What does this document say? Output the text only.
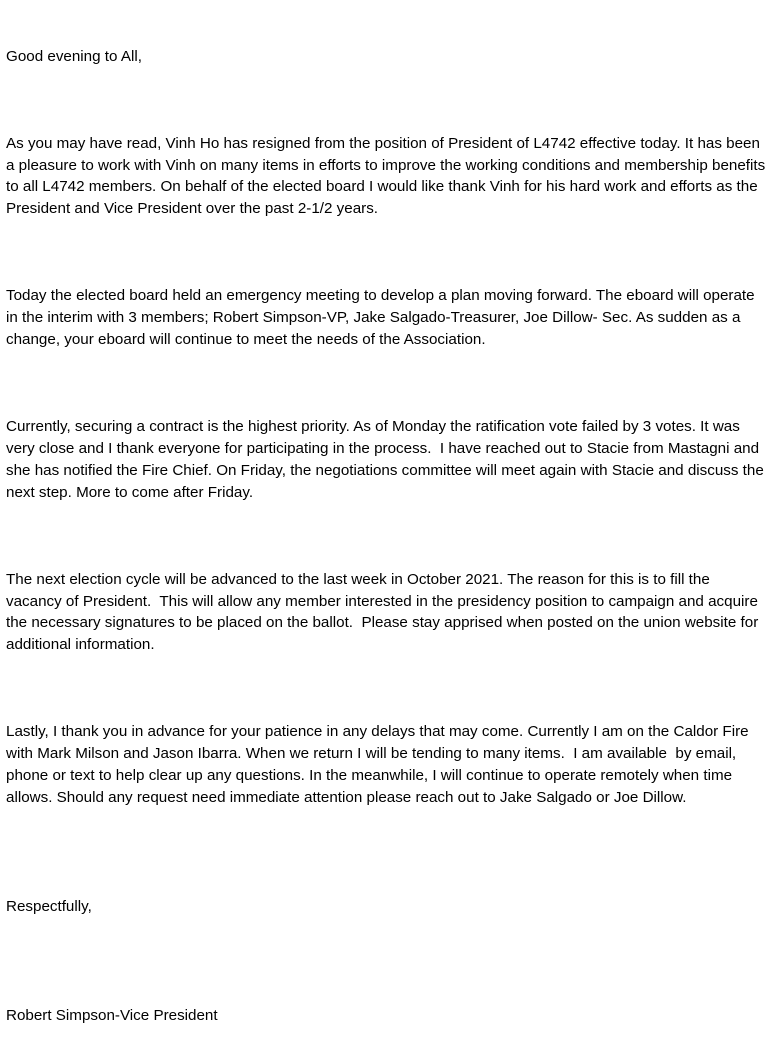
Good evening to All,

As you may have read, Vinh Ho has resigned from the position of President of L4742 effective today. It has been a pleasure to work with Vinh on many items in efforts to improve the working conditions and membership benefits to all L4742 members. On behalf of the elected board I would like thank Vinh for his hard work and efforts as the President and Vice President over the past 2-1/2 years.

Today the elected board held an emergency meeting to develop a plan moving forward. The eboard will operate in the interim with 3 members; Robert Simpson-VP, Jake Salgado-Treasurer, Joe Dillow- Sec. As sudden as a change, your eboard will continue to meet the needs of the Association.

Currently, securing a contract is the highest priority. As of Monday the ratification vote failed by 3 votes. It was very close and I thank everyone for participating in the process.  I have reached out to Stacie from Mastagni and she has notified the Fire Chief. On Friday, the negotiations committee will meet again with Stacie and discuss the next step. More to come after Friday.

The next election cycle will be advanced to the last week in October 2021. The reason for this is to fill the vacancy of President.  This will allow any member interested in the presidency position to campaign and acquire the necessary signatures to be placed on the ballot.  Please stay apprised when posted on the union website for additional information.

Lastly, I thank you in advance for your patience in any delays that may come. Currently I am on the Caldor Fire with Mark Milson and Jason Ibarra. When we return I will be tending to many items.  I am available  by email, phone or text to help clear up any questions. In the meanwhile, I will continue to operate remotely when time allows. Should any request need immediate attention please reach out to Jake Salgado or Joe Dillow.

Respectfully,

Robert Simpson-Vice President
